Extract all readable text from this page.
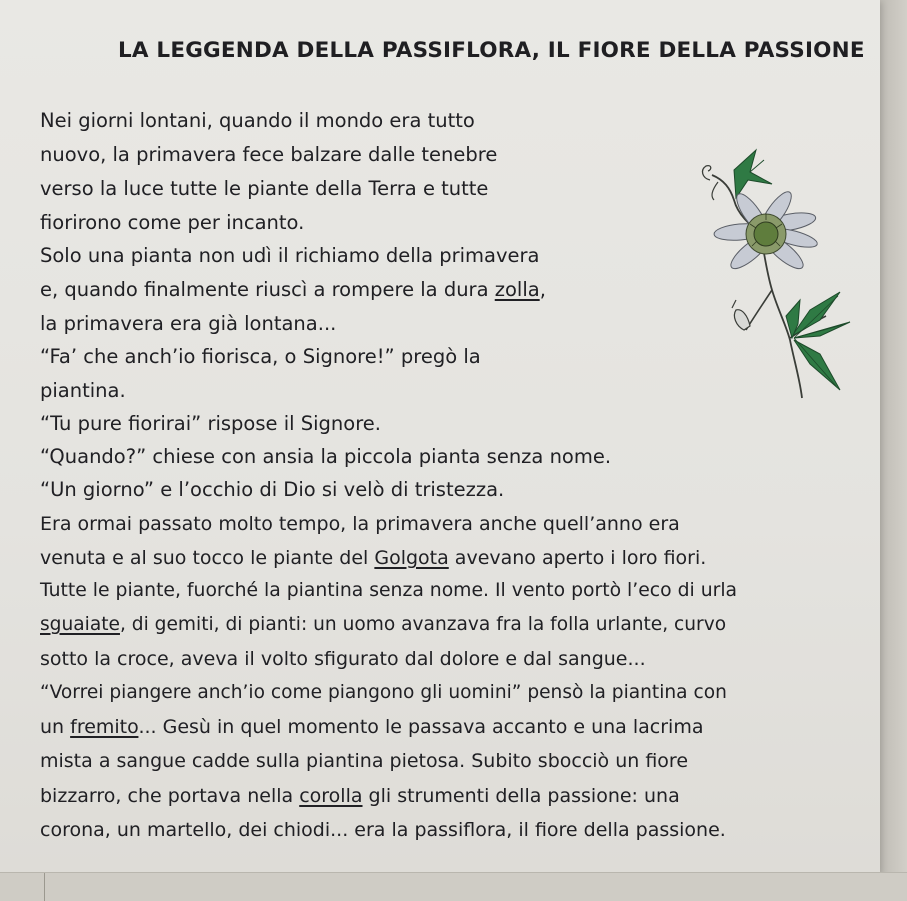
LA LEGGENDA DELLA PASSIFLORA, IL FIORE DELLA PASSIONE

Nei giorni lontani, quando il mondo era tutto

nuovo, la primavera fece balzare dalle tenebre

verso la luce tutte le piante della Terra e tutte

fiorirono come per incanto.

Solo una pianta non udì il richiamo della primavera

e, quando finalmente riuscì a rompere la dura zolla,

la primavera era già lontana...

“Fa’ che anch’io fiorisca, o Signore!” pregò la

piantina.

“Tu pure fiorirai” rispose il Signore.

“Quando?” chiese con ansia la piccola pianta senza nome.

“Un giorno” e l’occhio di Dio si velò di tristezza.

Era ormai passato molto tempo, la primavera anche quell’anno era

venuta e al suo tocco le piante del Golgota avevano aperto i loro fiori.

Tutte le piante, fuorché la piantina senza nome. Il vento portò l’eco di urla

sguaiate, di gemiti, di pianti: un uomo avanzava fra la folla urlante, curvo

sotto la croce, aveva il volto sfigurato dal dolore e dal sangue...

“Vorrei piangere anch’io come piangono gli uomini” pensò la piantina con

un fremito... Gesù in quel momento le passava accanto e una lacrima

mista a sangue cadde sulla piantina pietosa. Subito sbocciò un fiore

bizzarro, che portava nella corolla gli strumenti della passione: una

corona, un martello, dei chiodi... era la passiflora, il fiore della passione.
